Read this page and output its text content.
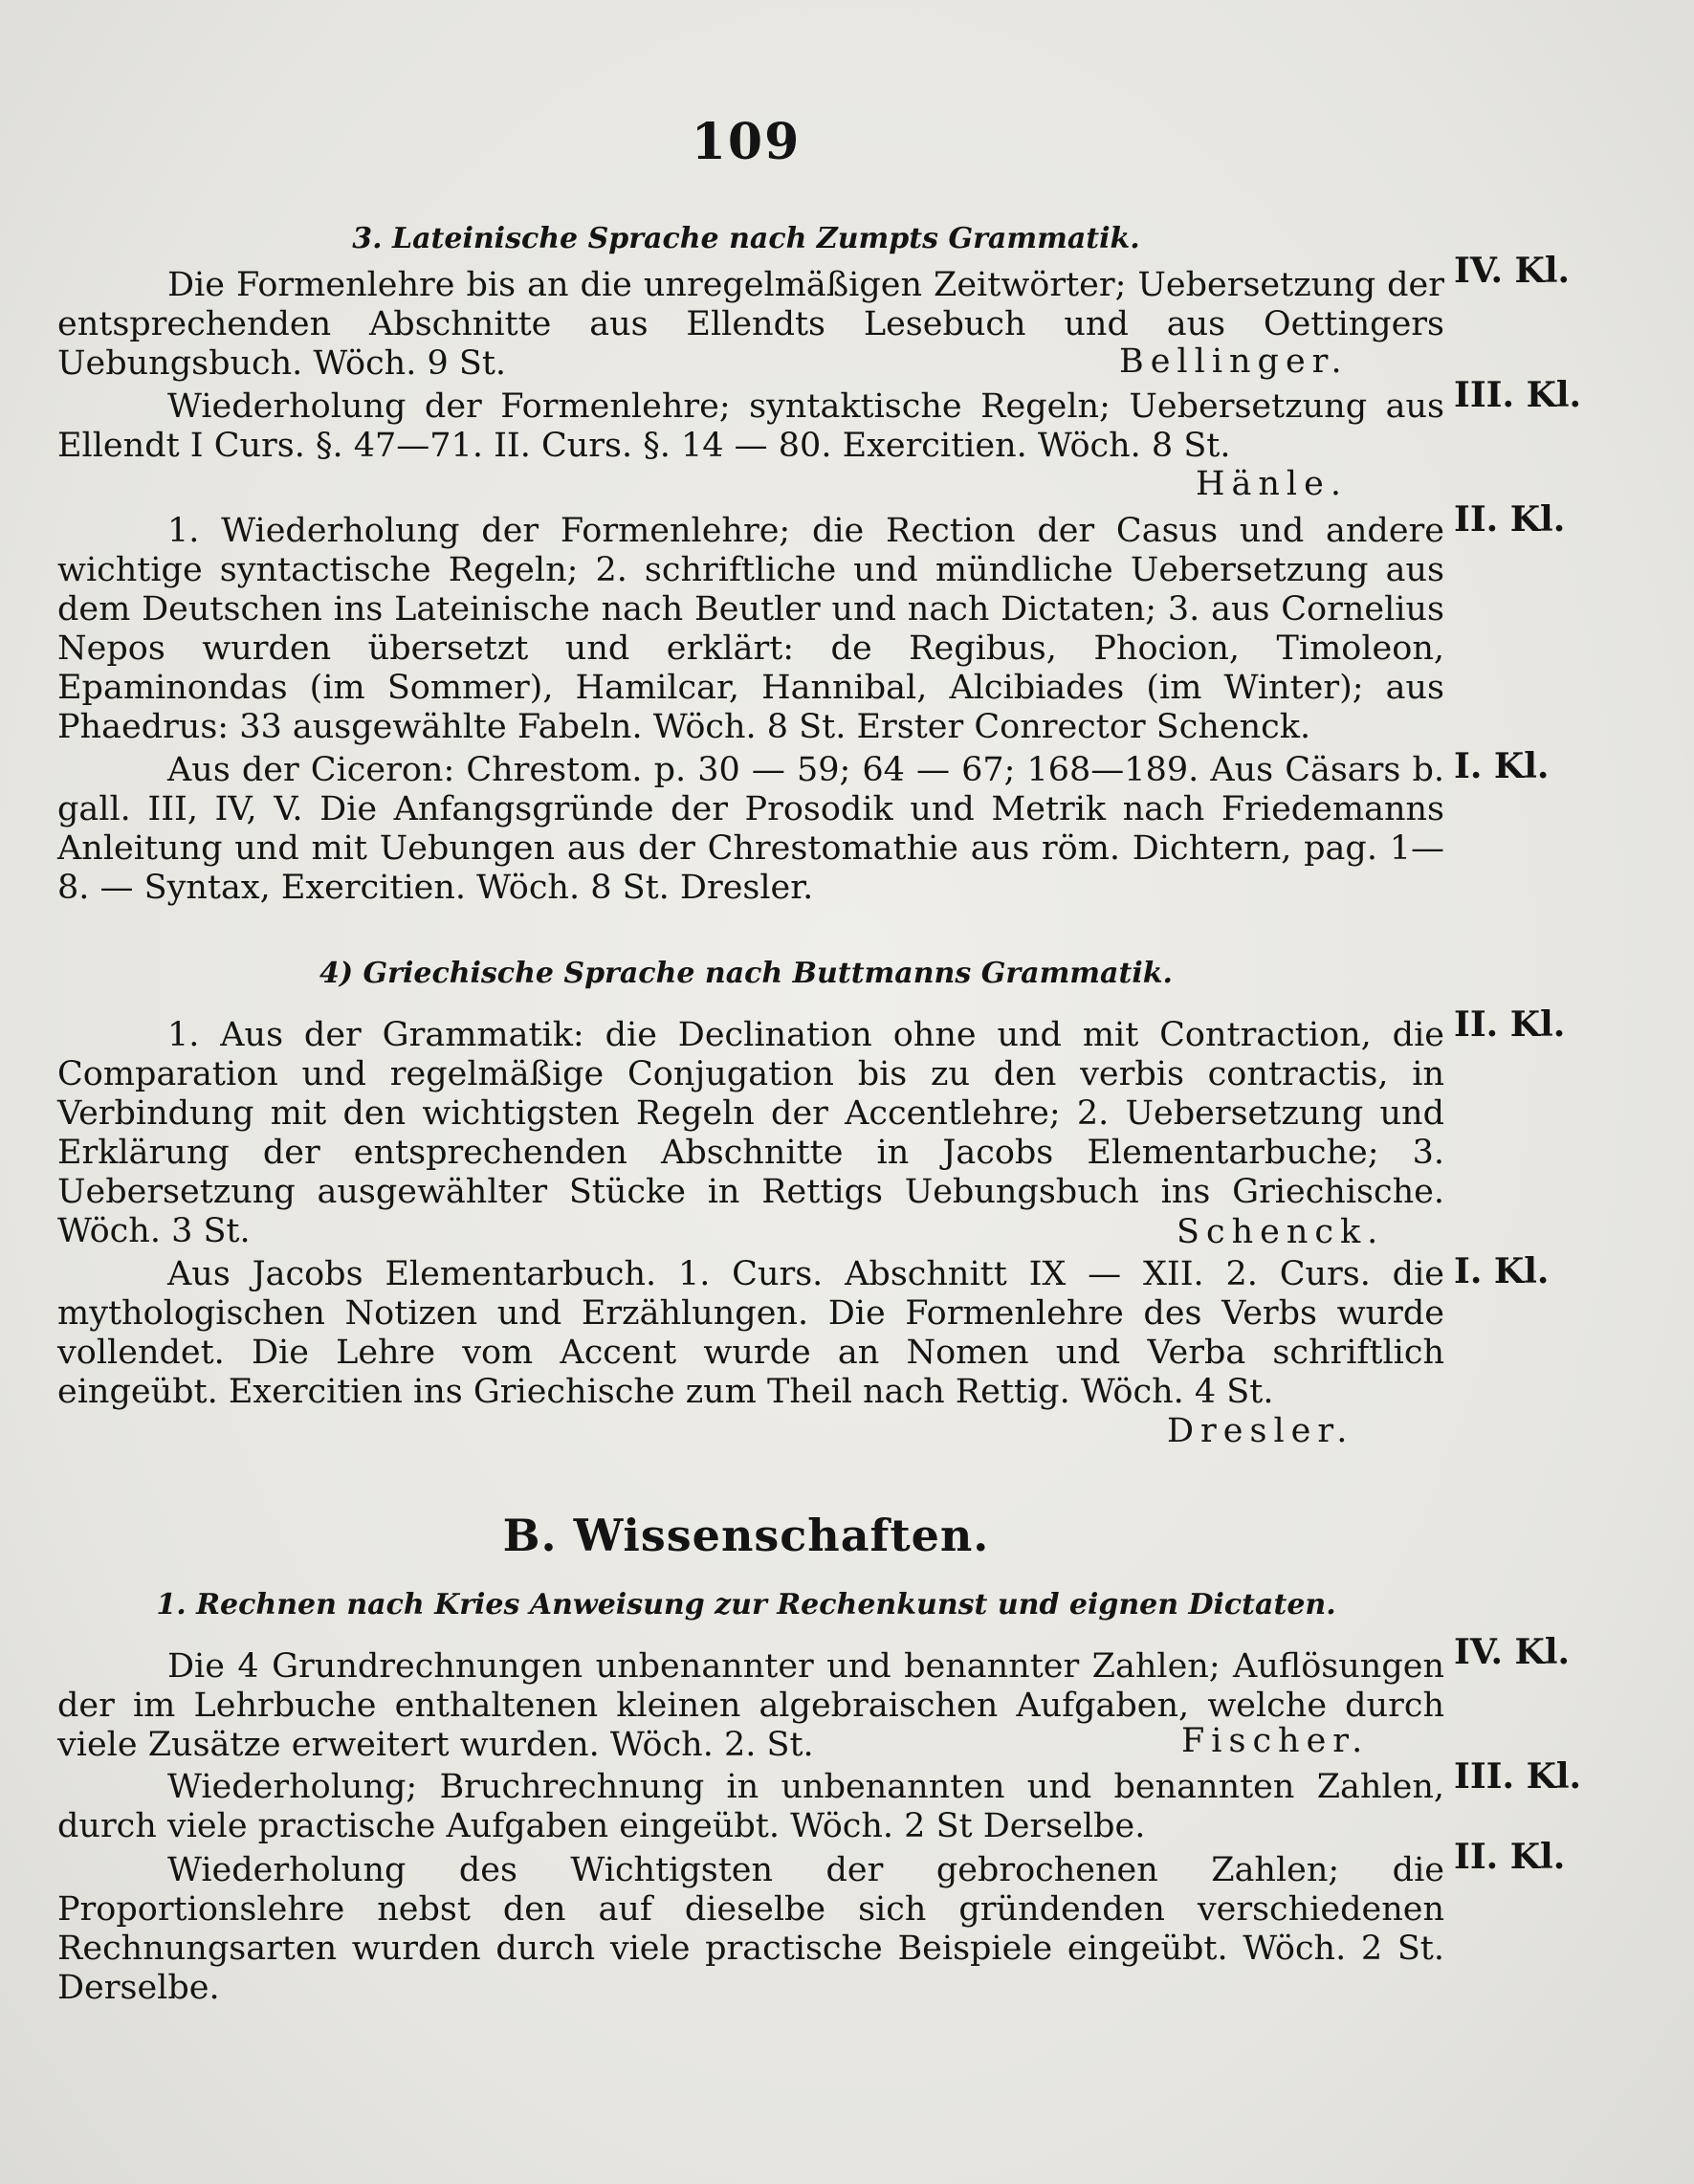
109
3. Lateinische Sprache nach Zumpts Grammatik.

Die Formenlehre bis an die unregelmäßigen Zeitwörter; Uebersetzung der entsprechenden Abschnitte aus Ellendts Lesebuch und aus Oettingers Uebungsbuch. Wöch. 9 St.

IV. Kl.
Bellinger.

Wiederholung der Formenlehre; syntaktische Regeln; Uebersetzung aus Ellendt I Curs. §. 47—71. II. Curs. §. 14 — 80. Exercitien. Wöch. 8 St.

III. Kl.
Hänle.

1. Wiederholung der Formenlehre; die Rection der Casus und andere wichtige syntactische Regeln; 2. schriftliche und mündliche Uebersetzung aus dem Deutschen ins Lateinische nach Beutler und nach Dictaten; 3. aus Cornelius Nepos wurden übersetzt und erklärt: de Regibus, Phocion, Timoleon, Epaminondas (im Sommer), Hamilcar, Hannibal, Alcibiades (im Winter); aus Phaedrus: 33 ausgewählte Fabeln. Wöch. 8 St. Erster Conrector Schenck.

II. Kl.

Aus der Ciceron: Chrestom. p. 30 — 59; 64 — 67; 168—189. Aus Cäsars b. gall. III, IV, V. Die Anfangsgründe der Prosodik und Metrik nach Friedemanns Anleitung und mit Uebungen aus der Chrestomathie aus röm. Dichtern, pag. 1—8. — Syntax, Exercitien. Wöch. 8 St. Dresler.

I. Kl.
4) Griechische Sprache nach Buttmanns Grammatik.

1. Aus der Grammatik: die Declination ohne und mit Contraction, die Comparation und regelmäßige Conjugation bis zu den verbis contractis, in Verbindung mit den wichtigsten Regeln der Accentlehre; 2. Uebersetzung und Erklärung der entsprechenden Abschnitte in Jacobs Elementarbuche; 3. Uebersetzung ausgewählter Stücke in Rettigs Uebungsbuch ins Griechische. Wöch. 3 St.

II. Kl.
Schenck.

Aus Jacobs Elementarbuch. 1. Curs. Abschnitt IX — XII. 2. Curs. die mythologischen Notizen und Erzählungen. Die Formenlehre des Verbs wurde vollendet. Die Lehre vom Accent wurde an Nomen und Verba schriftlich eingeübt. Exercitien ins Griechische zum Theil nach Rettig. Wöch. 4 St.

I. Kl.
Dresler.
B. Wissenschaften.
1. Rechnen nach Kries Anweisung zur Rechenkunst und eignen Dictaten.

Die 4 Grundrechnungen unbenannter und benannter Zahlen; Auflösungen der im Lehrbuche enthaltenen kleinen algebraischen Aufgaben, welche durch viele Zusätze erweitert wurden. Wöch. 2. St.

IV. Kl.
Fischer.

Wiederholung; Bruchrechnung in unbenannten und benannten Zahlen, durch viele practische Aufgaben eingeübt. Wöch. 2 St Derselbe.

III. Kl.

Wiederholung des Wichtigsten der gebrochenen Zahlen; die Proportionslehre nebst den auf dieselbe sich gründenden verschiedenen Rechnungsarten wurden durch viele practische Beispiele eingeübt. Wöch. 2 St. Derselbe.

II. Kl.
